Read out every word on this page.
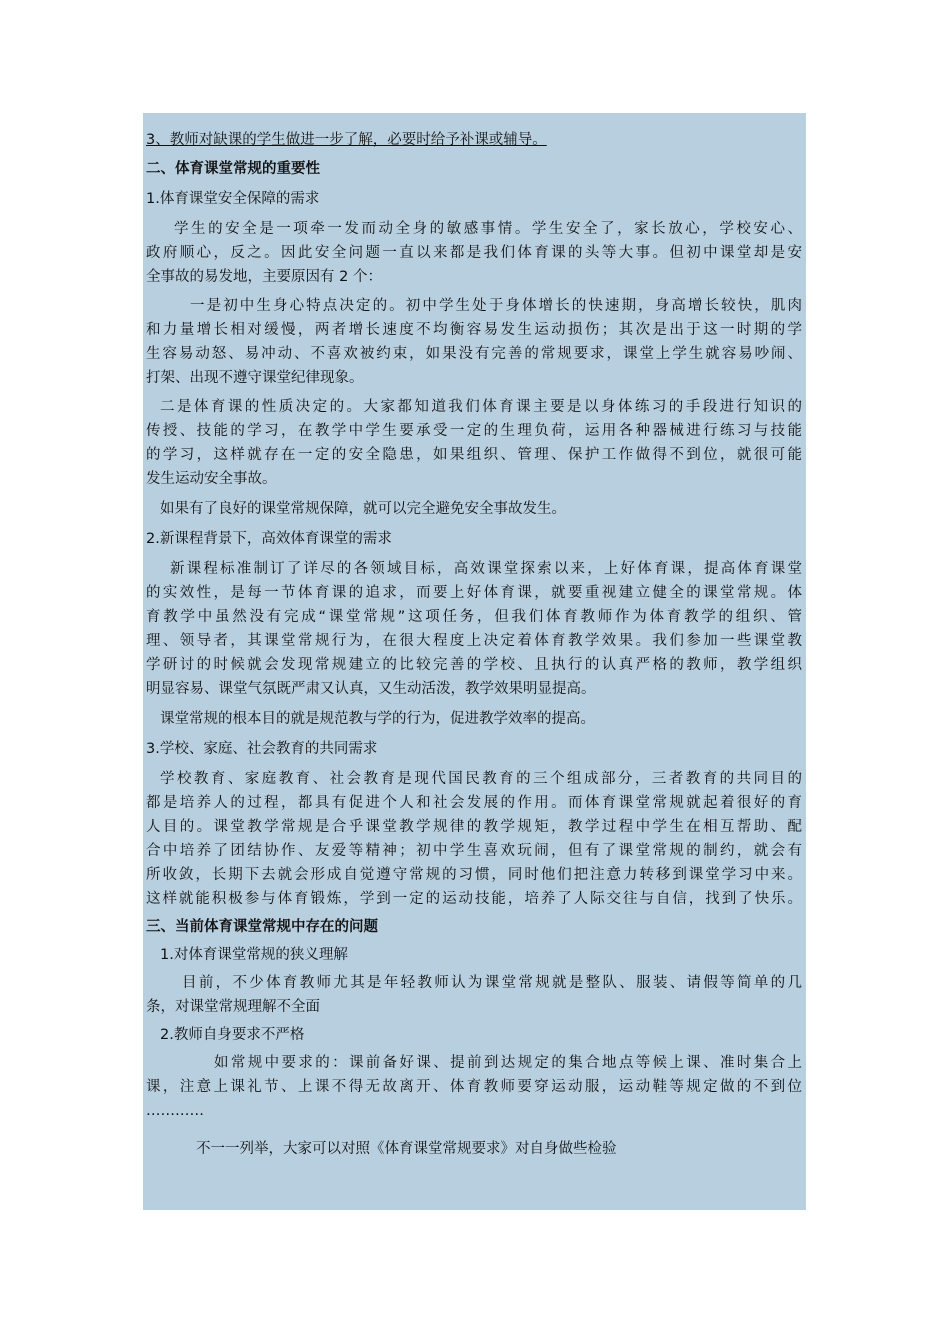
3、教师对缺课的学生做进一步了解，必要时给予补课或辅导。

二、体育课堂常规的重要性

1.体育课堂安全保障的需求

学生的安全是一项牵一发而动全身的敏感事情。学生安全了，家长放心，学校安心、
政府顺心，反之。因此安全问题一直以来都是我们体育课的头等大事。但初中课堂却是安
全事故的易发地，主要原因有 2 个：

一是初中生身心特点决定的。初中学生处于身体增长的快速期，身高增长较快，肌肉
和力量增长相对缓慢，两者增长速度不均衡容易发生运动损伤；其次是出于这一时期的学
生容易动怒、易冲动、不喜欢被约束，如果没有完善的常规要求，课堂上学生就容易吵闹、
打架、出现不遵守课堂纪律现象。

二是体育课的性质决定的。大家都知道我们体育课主要是以身体练习的手段进行知识的
传授、技能的学习，在教学中学生要承受一定的生理负荷，运用各种器械进行练习与技能
的学习，这样就存在一定的安全隐患，如果组织、管理、保护工作做得不到位，就很可能
发生运动安全事故。

如果有了良好的课堂常规保障，就可以完全避免安全事故发生。

2.新课程背景下，高效体育课堂的需求

新课程标准制订了详尽的各领域目标，高效课堂探索以来，上好体育课，提高体育课堂
的实效性，是每一节体育课的追求，而要上好体育课，就要重视建立健全的课堂常规。体
育教学中虽然没有完成“课堂常规”这项任务，但我们体育教师作为体育教学的组织、管
理、领导者，其课堂常规行为，在很大程度上决定着体育教学效果。我们参加一些课堂教
学研讨的时候就会发现常规建立的比较完善的学校、且执行的认真严格的教师，教学组织
明显容易、课堂气氛既严肃又认真，又生动活泼，教学效果明显提高。

课堂常规的根本目的就是规范教与学的行为，促进教学效率的提高。

3.学校、家庭、社会教育的共同需求

学校教育、家庭教育、社会教育是现代国民教育的三个组成部分，三者教育的共同目的
都是培养人的过程，都具有促进个人和社会发展的作用。而体育课堂常规就起着很好的育
人目的。课堂教学常规是合乎课堂教学规律的教学规矩，教学过程中学生在相互帮助、配
合中培养了团结协作、友爱等精神；初中学生喜欢玩闹，但有了课堂常规的制约，就会有
所收敛，长期下去就会形成自觉遵守常规的习惯，同时他们把注意力转移到课堂学习中来。
这样就能积极参与体育锻炼，学到一定的运动技能，培养了人际交往与自信，找到了快乐。

三、当前体育课堂常规中存在的问题

1.对体育课堂常规的狭义理解

目前，不少体育教师尤其是年轻教师认为课堂常规就是整队、服装、请假等简单的几
条，对课堂常规理解不全面

2.教师自身要求不严格

如常规中要求的：课前备好课、提前到达规定的集合地点等候上课、准时集合上
课，注意上课礼节、上课不得无故离开、体育教师要穿运动服，运动鞋等规定做的不到位
…………

不一一列举，大家可以对照《体育课堂常规要求》对自身做些检验
